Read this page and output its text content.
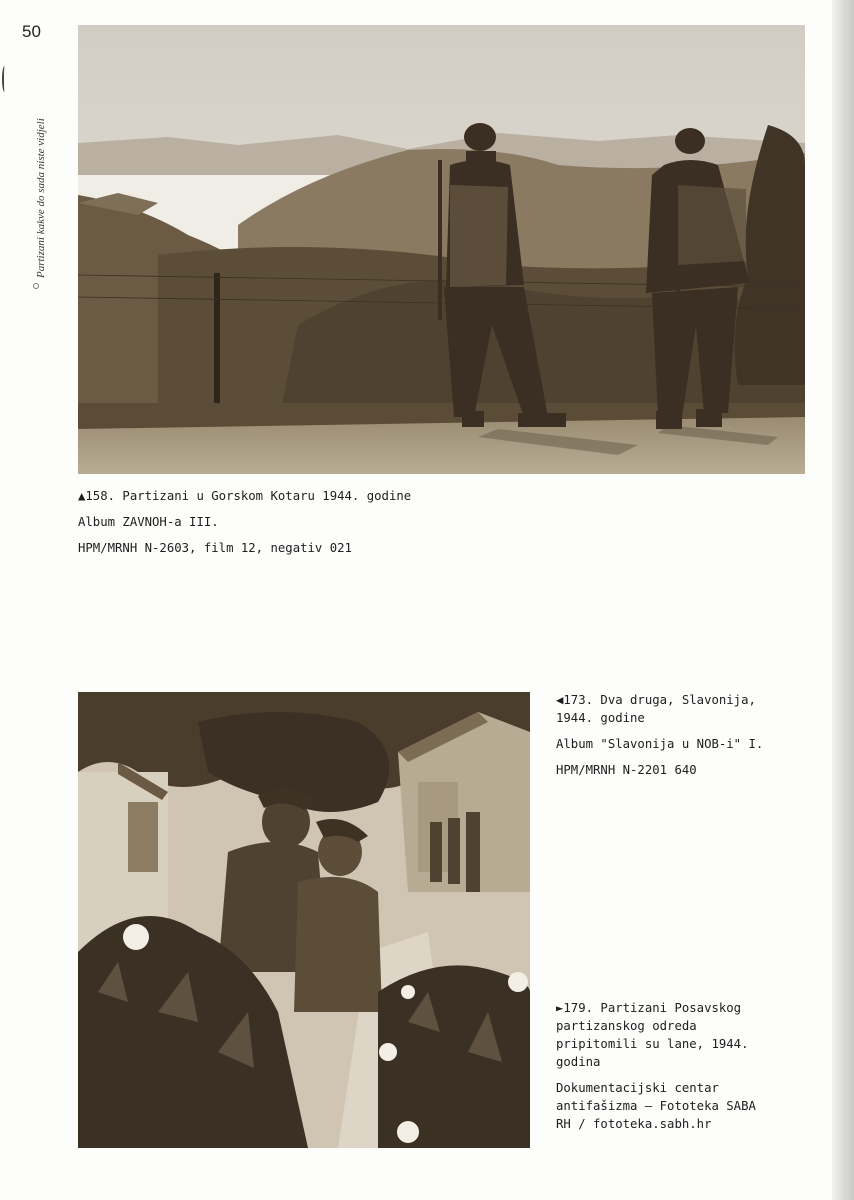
50
Partizani kakve do sada niste vidjeli

▲158. Partizani u Gorskom Kotaru 1944. godine

Album ZAVNOH-a III.

HPM/MRNH N-2603, film 12, negativ 021

◀173. Dva druga, Slavonija,

1944. godine

Album "Slavonija u NOB-i" I.

HPM/MRNH N-2201 640

►179. Partizani Posavskog

partizanskog odreda

pripitomili su lane, 1944.

godina

Dokumentacijski centar

antifašizma – Fototeka SABA

RH / fototeka.sabh.hr
